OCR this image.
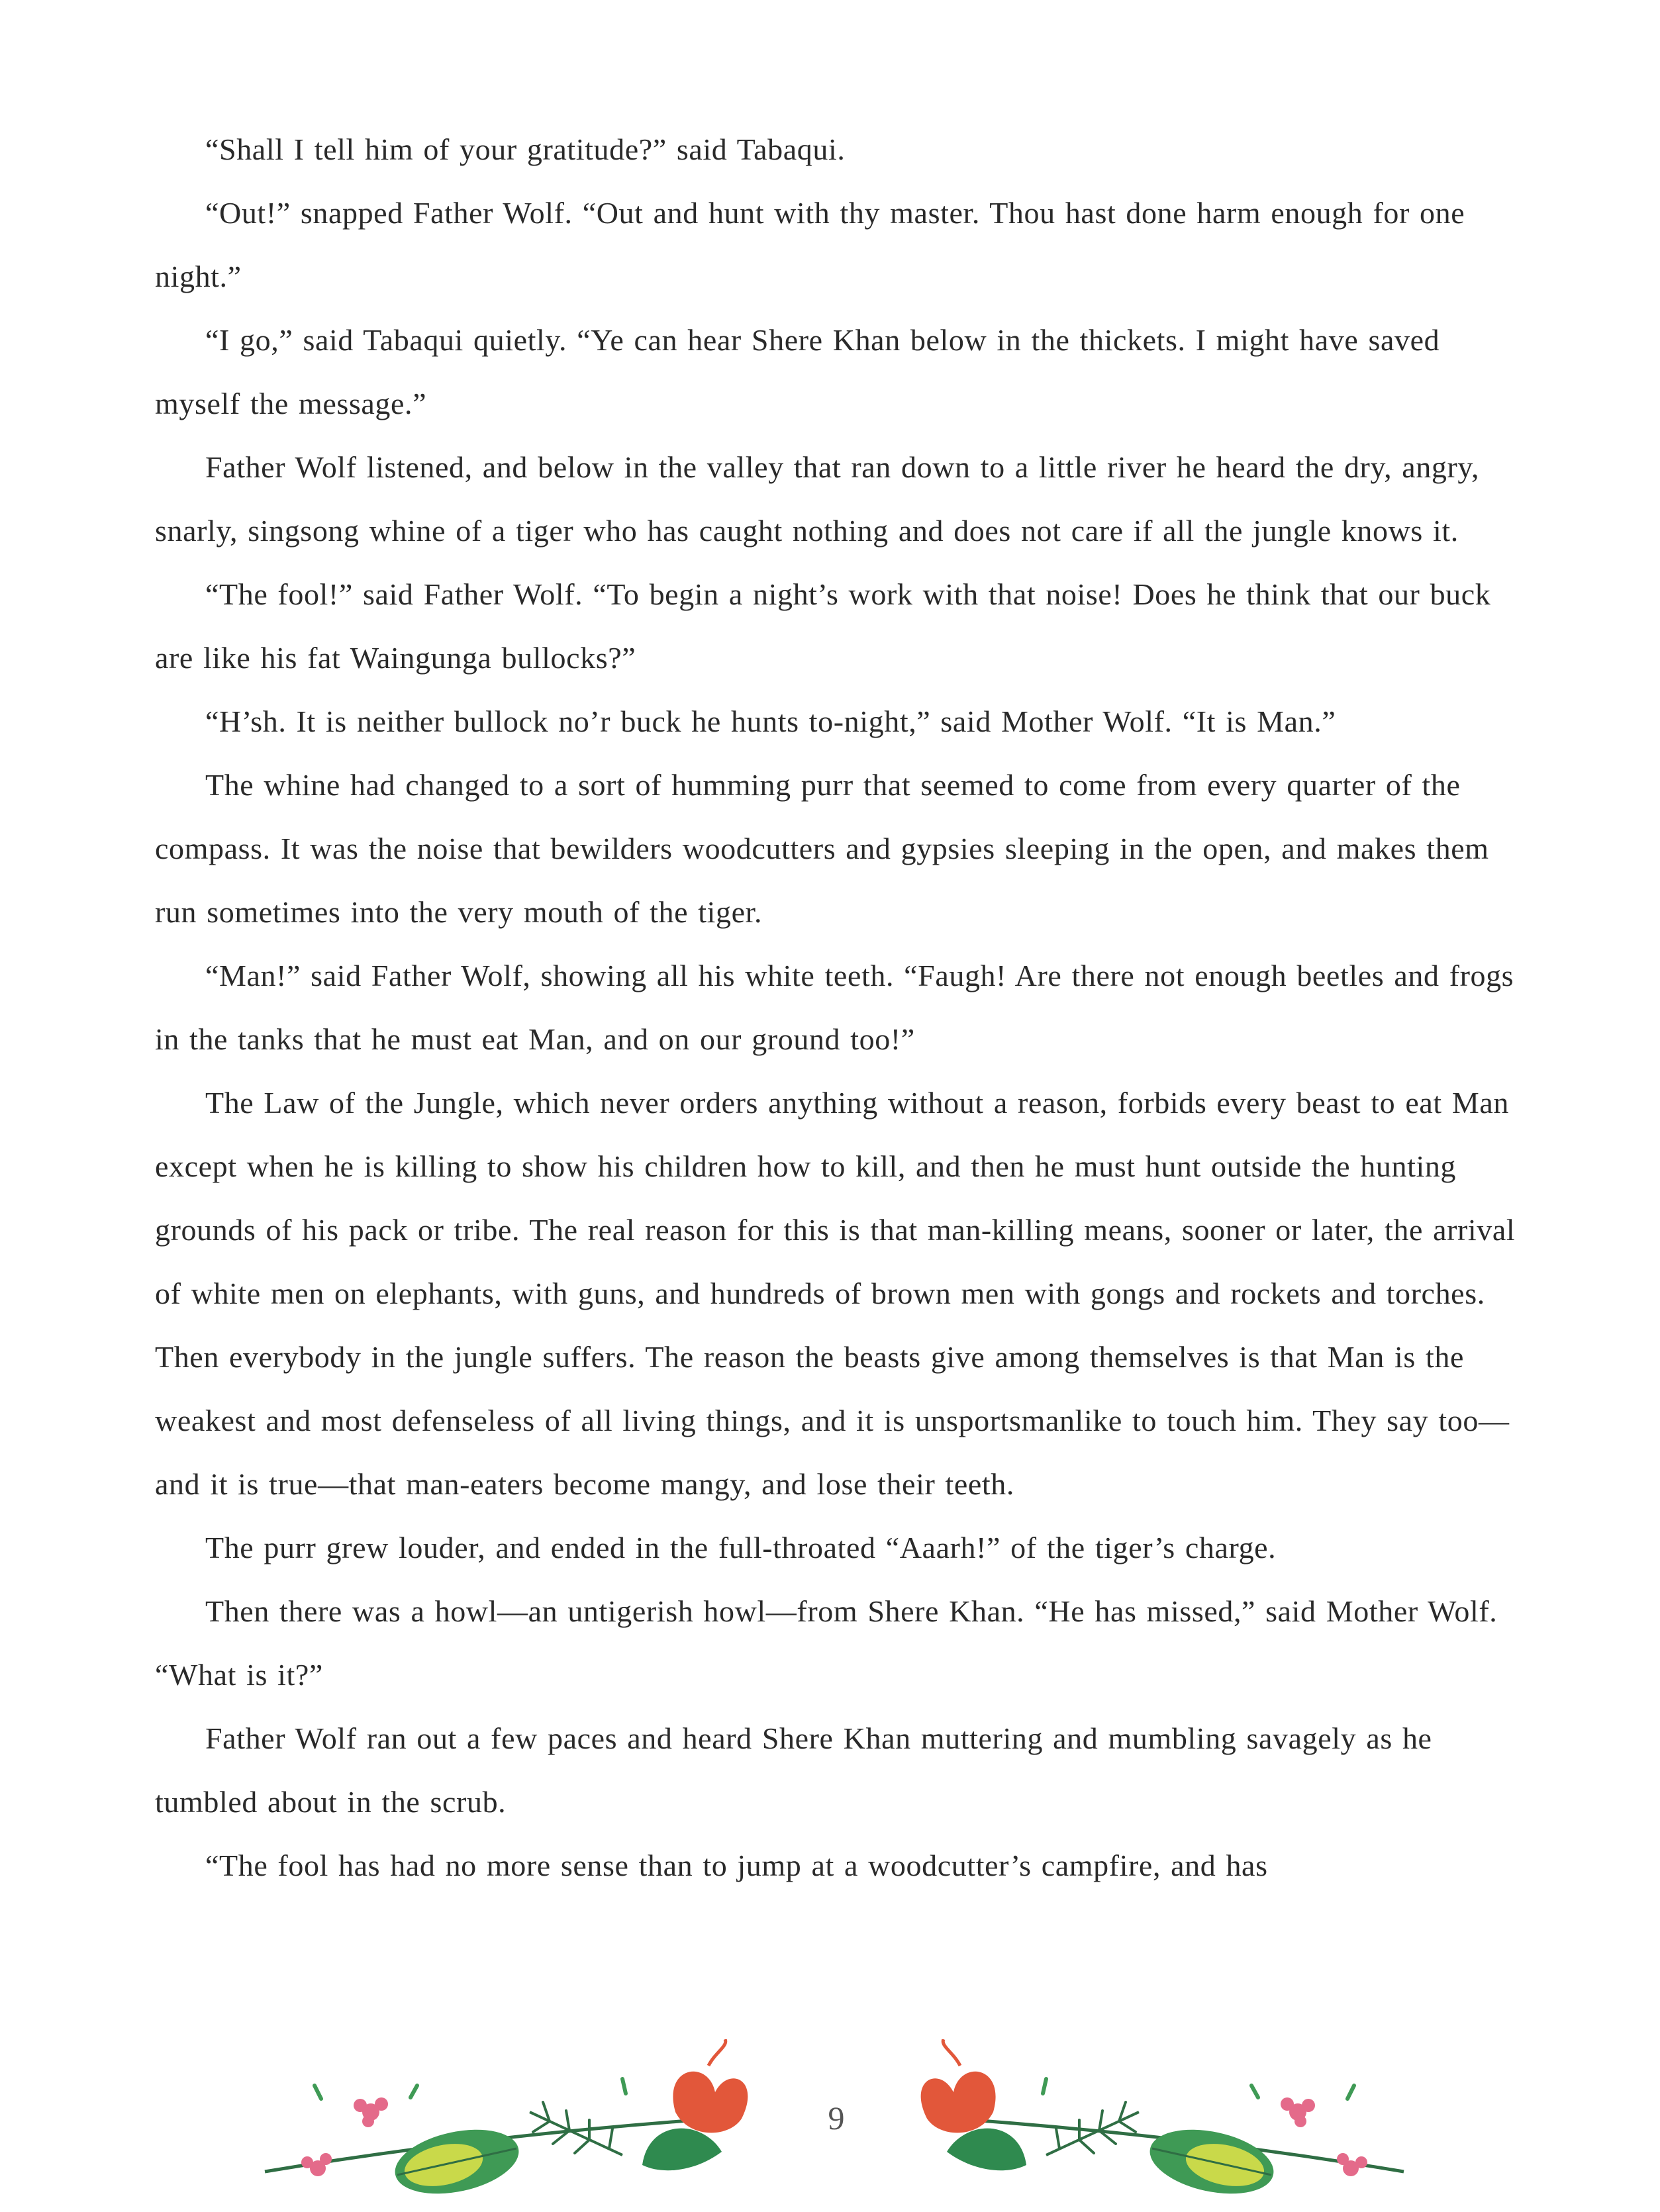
“Shall I tell him of your gratitude?” said Tabaqui.

“Out!” snapped Father Wolf. “Out and hunt with thy master. Thou hast done harm enough for one night.”

“I go,” said Tabaqui quietly. “Ye can hear Shere Khan below in the thickets. I might have saved myself the message.”

Father Wolf listened, and below in the valley that ran down to a little river he heard the dry, angry, snarly, singsong whine of a tiger who has caught nothing and does not care if all the jungle knows it.

“The fool!” said Father Wolf. “To begin a night’s work with that noise! Does he think that our buck are like his fat Waingunga bullocks?”

“H’sh. It is neither bullock no’r buck he hunts to-night,” said Mother Wolf. “It is Man.”

The whine had changed to a sort of humming purr that seemed to come from every quarter of the compass. It was the noise that bewilders woodcutters and gypsies sleeping in the open, and makes them run sometimes into the very mouth of the tiger.

“Man!” said Father Wolf, showing all his white teeth. “Faugh! Are there not enough beetles and frogs in the tanks that he must eat Man, and on our ground too!”

The Law of the Jungle, which never orders anything without a reason, forbids every beast to eat Man except when he is killing to show his children how to kill, and then he must hunt outside the hunting grounds of his pack or tribe. The real reason for this is that man-killing means, sooner or later, the arrival of white men on elephants, with guns, and hundreds of brown men with gongs and rockets and torches. Then everybody in the jungle suffers. The reason the beasts give among themselves is that Man is the weakest and most defenseless of all living things, and it is unsportsmanlike to touch him. They say too—and it is true—that man-eaters become mangy, and lose their teeth.

The purr grew louder, and ended in the full-throated “Aaarh!” of the tiger’s charge.

Then there was a howl—an untigerish howl—from Shere Khan. “He has missed,” said Mother Wolf. “What is it?”

Father Wolf ran out a few paces and heard Shere Khan muttering and mumbling savagely as he tumbled about in the scrub.

“The fool has had no more sense than to jump at a woodcutter’s campfire, and has

9
